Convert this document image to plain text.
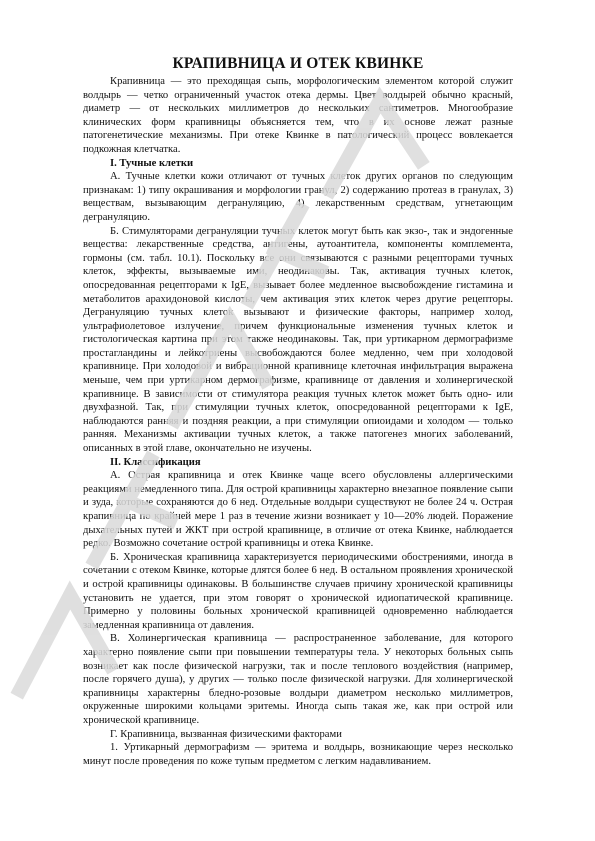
КРАПИВНИЦА И ОТЕК КВИНКЕ

Крапивница — это преходящая сыпь, морфологическим элементом которой служит волдырь — четко ограниченный участок отека дермы. Цвет волдырей обычно красный, диаметр — от нескольких миллиметров до нескольких сантиметров. Многообразие клинических форм крапивницы объясняется тем, что в их основе лежат разные патогенетические механизмы. При отеке Квинке в патологический процесс вовлекается подкожная клетчатка.

I. Тучные клетки

А. Тучные клетки кожи отличают от тучных клеток других органов по следующим признакам: 1) типу окрашивания и морфологии гранул, 2) содержанию протеаз в гранулах, 3) веществам, вызывающим дегрануляцию, 4) лекарственным средствам, угнетающим дегрануляцию.

Б. Стимуляторами дегрануляции тучных клеток могут быть как экзо-, так и эндогенные вещества: лекарственные средства, антигены, аутоантитела, компоненты комплемента, гормоны (см. табл. 10.1). Поскольку все они связываются с разными рецепторами тучных клеток, эффекты, вызываемые ими, неодинаковы. Так, активация тучных клеток, опосредованная рецепторами к IgE, вызывает более медленное высвобождение гистамина и метаболитов арахидоновой кислоты, чем активация этих клеток через другие рецепторы. Дегрануляцию тучных клеток вызывают и физические факторы, например холод, ультрафиолетовое излучение, причем функциональные изменения тучных клеток и гистологическая картина при этом также неодинаковы. Так, при уртикарном дермографизме простагландины и лейкотриены высвобождаются более медленно, чем при холодовой крапивнице. При холодовой и вибрационной крапивнице клеточная инфильтрация выражена меньше, чем при уртикарном дермографизме, крапивнице от давления и холинергической крапивнице. В зависимости от стимулятора реакция тучных клеток может быть одно- или двухфазной. Так, при стимуляции тучных клеток, опосредованной рецепторами к IgE, наблюдаются ранняя и поздняя реакции, а при стимуляции опиоидами и холодом — только ранняя. Механизмы активации тучных клеток, а также патогенез многих заболеваний, описанных в этой главе, окончательно не изучены.

II. Классификация

А. Острая крапивница и отек Квинке чаще всего обусловлены аллергическими реакциями немедленного типа. Для острой крапивницы характерно внезапное появление сыпи и зуда, которые сохраняются до 6 нед. Отдельные волдыри существуют не более 24 ч. Острая крапивница по крайней мере 1 раз в течение жизни возникает у 10—20% людей. Поражение дыхательных путей и ЖКТ при острой крапивнице, в отличие от отека Квинке, наблюдается редко. Возможно сочетание острой крапивницы и отека Квинке.

Б. Хроническая крапивница характеризуется периодическими обострениями, иногда в сочетании с отеком Квинке, которые длятся более 6 нед. В остальном проявления хронической и острой крапивницы одинаковы. В большинстве случаев причину хронической крапивницы установить не удается, при этом говорят о хронической идиопатической крапивнице. Примерно у половины больных хронической крапивницей одновременно наблюдается замедленная крапивница от давления.

В. Холинергическая крапивница — распространенное заболевание, для которого характерно появление сыпи при повышении температуры тела. У некоторых больных сыпь возникает как после физической нагрузки, так и после теплового воздействия (например, после горячего душа), у других — только после физической нагрузки. Для холинергической крапивницы характерны бледно-розовые волдыри диаметром несколько миллиметров, окруженные широкими кольцами эритемы. Иногда сыпь такая же, как при острой или хронической крапивнице.

Г. Крапивница, вызванная физическими факторами

1. Уртикарный дермографизм — эритема и волдырь, возникающие через несколько минут после проведения по коже тупым предметом с легким надавливанием.
